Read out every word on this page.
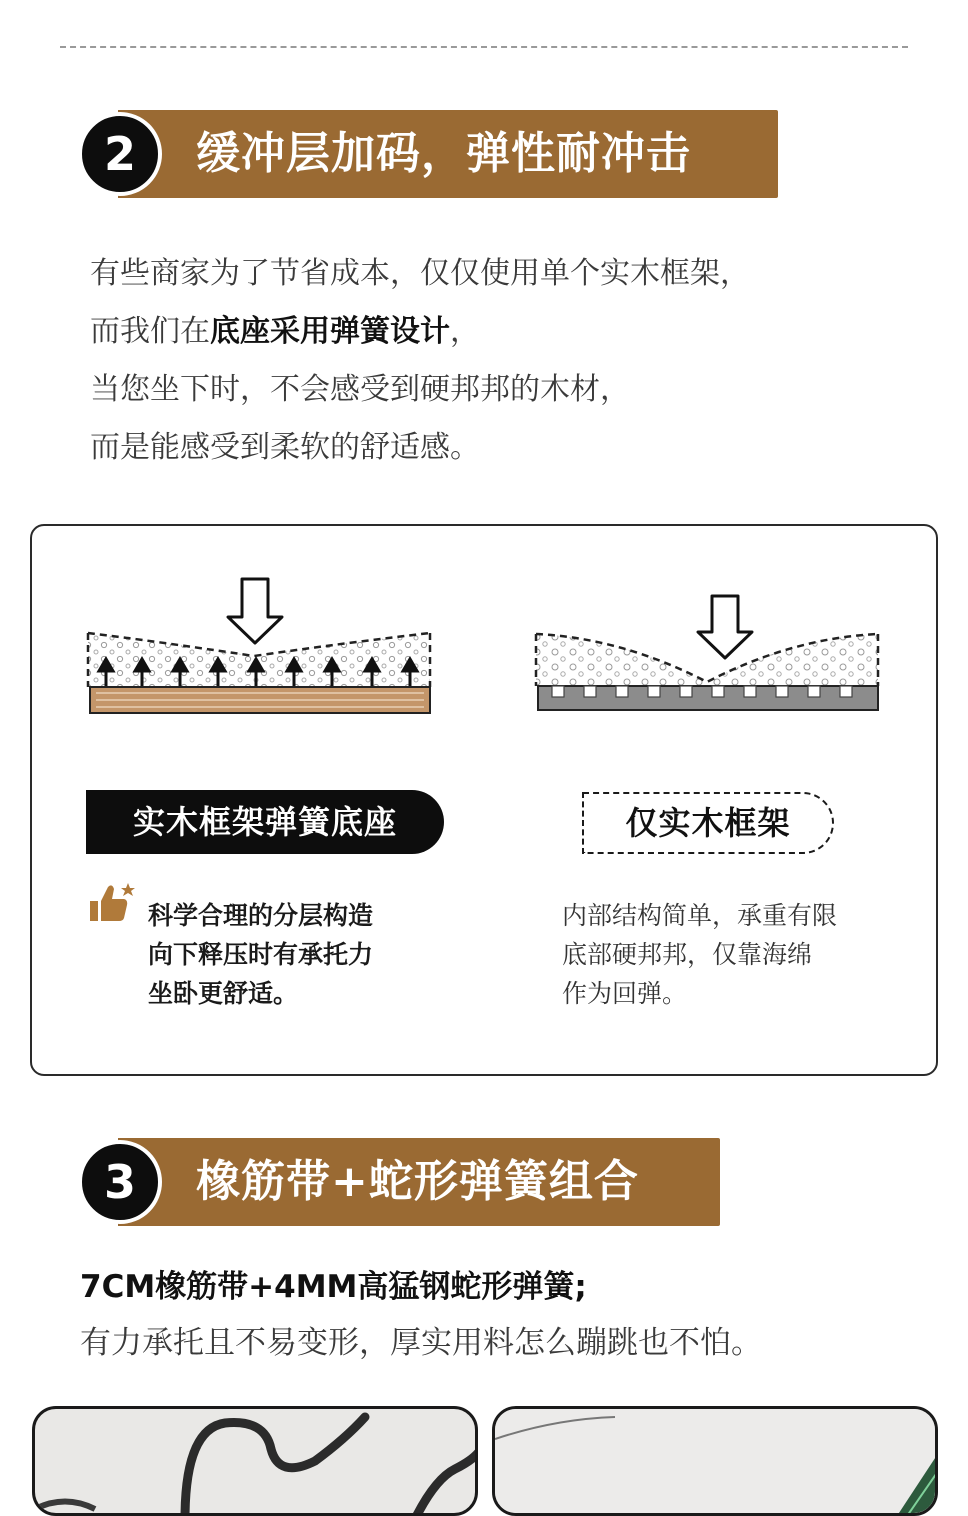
2	缓冲层加码，弹性耐冲击

有些商家为了节省成本，仅仅使用单个实木框架，

而我们在底座采用弹簧设计，

当您坐下时，不会感受到硬邦邦的木材，

而是能感受到柔软的舒适感。

实木框架弹簧底座	仅实木框架

科学合理的分层构造

向下释压时有承托力

坐卧更舒适。

内部结构简单，承重有限

底部硬邦邦，仅靠海绵

作为回弹。

3	橡筋带+蛇形弹簧组合
7CM橡筋带+4MM高猛钢蛇形弹簧;
有力承托且不易变形，厚实用料怎么蹦跳也不怕。
